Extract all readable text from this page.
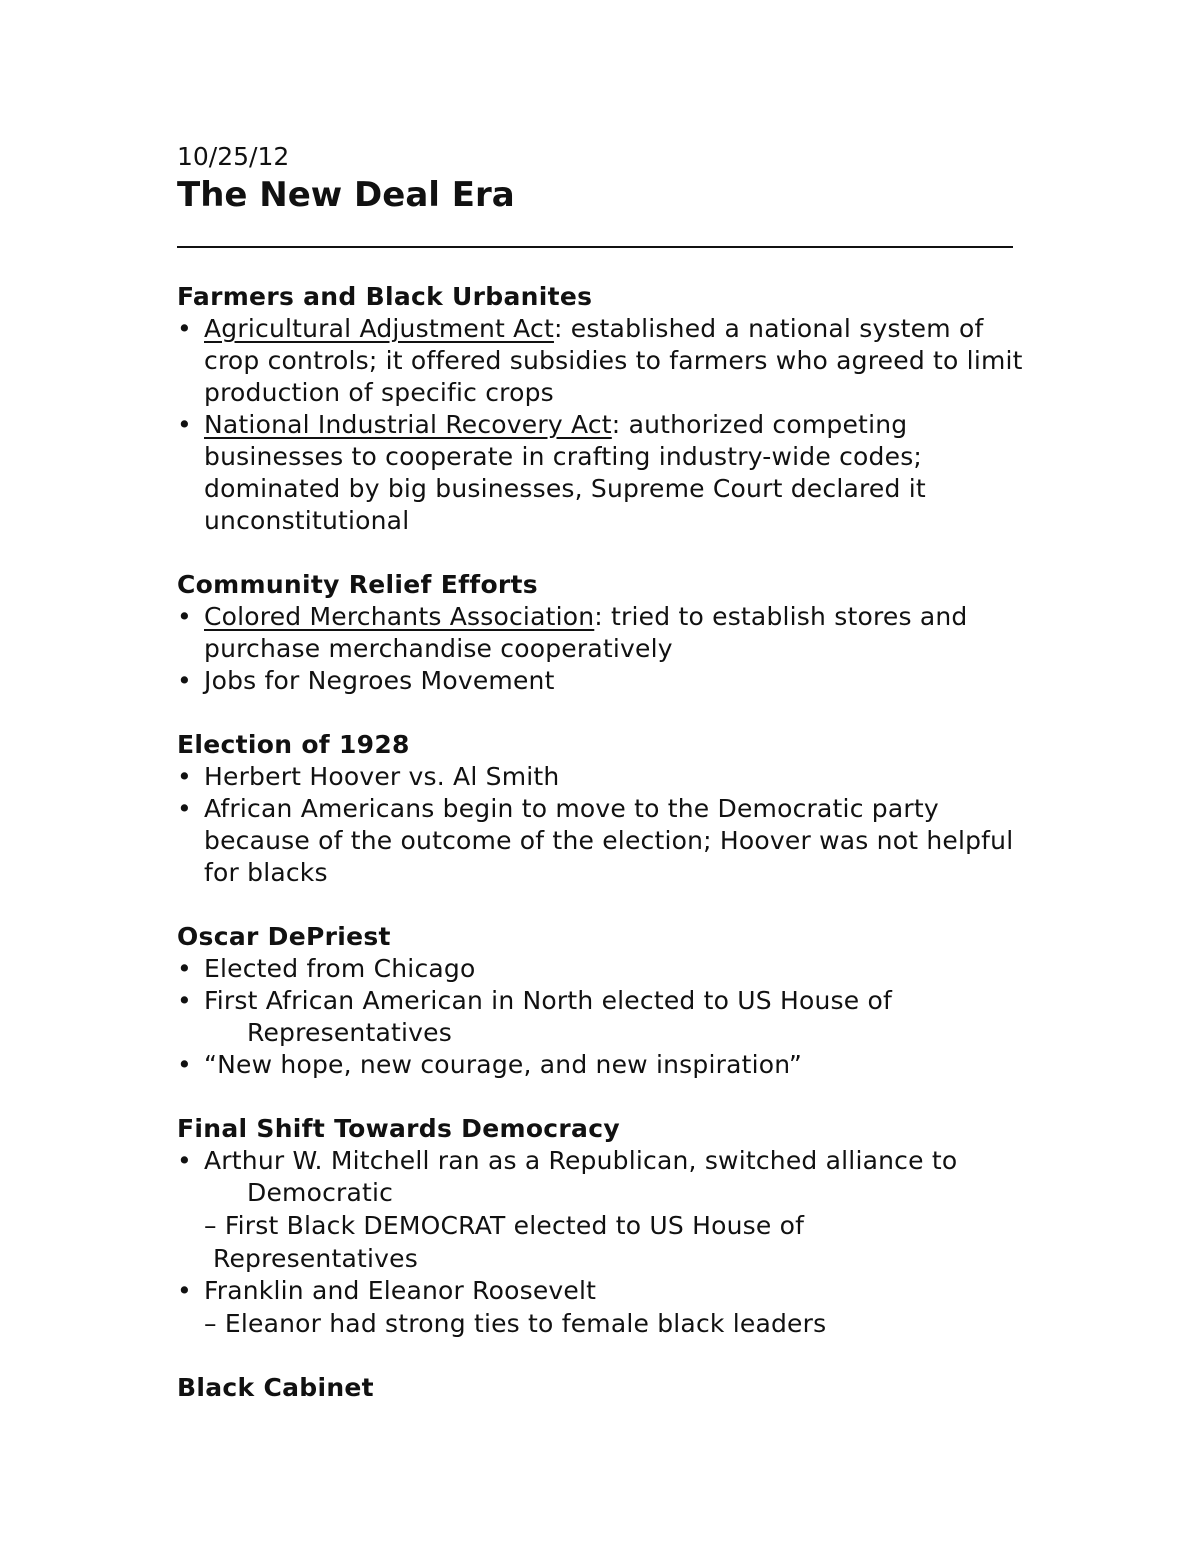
10/25/12

The New Deal Era
Farmers and Black Urbanites
• Agricultural Adjustment Act: established a national system of crop controls; it offered subsidies to farmers who agreed to limit production of specific crops
• National Industrial Recovery Act: authorized competing businesses to cooperate in crafting industry-wide codes; dominated by big businesses, Supreme Court declared it unconstitutional
Community Relief Efforts
• Colored Merchants Association: tried to establish stores and purchase merchandise cooperatively
• Jobs for Negroes Movement
Election of 1928
• Herbert Hoover vs. Al Smith
• African Americans begin to move to the Democratic party because of the outcome of the election; Hoover was not helpful for blacks
Oscar DePriest
• Elected from Chicago
• First African American in North elected to US House of
Representatives
• “New hope, new courage, and new inspiration”
Final Shift Towards Democracy
• Arthur W. Mitchell ran as a Republican, switched alliance to
Democratic
– First Black DEMOCRAT elected to US House of
Representatives
• Franklin and Eleanor Roosevelt
– Eleanor had strong ties to female black leaders
Black Cabinet
